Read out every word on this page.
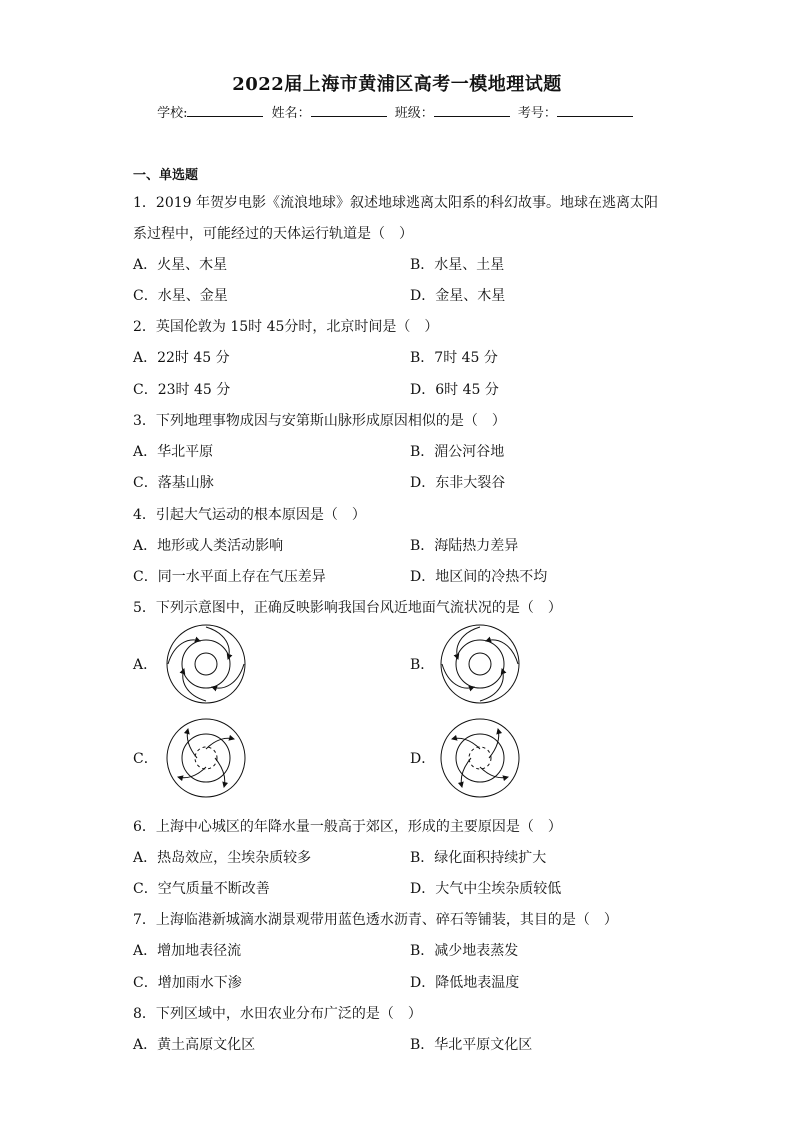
2022届上海市黄浦区高考一模地理试题
学校:	姓名：	班级：	考号：
一、单选题
1．2019 年贺岁电影《流浪地球》叙述地球逃离太阳系的科幻故事。地球在逃离太阳
系过程中，可能经过的天体运行轨道是（　）
A．火星、木星	B．水星、土星
C．水星、金星	D．金星、木星
2．英国伦敦为 15时 45分时，北京时间是（　）
A．22时 45 分	B．7时 45 分
C．23时 45 分	D．6时 45 分
3．下列地理事物成因与安第斯山脉形成原因相似的是（　）
A．华北平原	B．湄公河谷地
C．落基山脉	D．东非大裂谷
4．引起大气运动的根本原因是（　）
A．地形或人类活动影响	B．海陆热力差异
C．同一水平面上存在气压差异	D．地区间的冷热不均
5．下列示意图中，正确反映影响我国台风近地面气流状况的是（　）
A．	B．
C．	D．
6．上海中心城区的年降水量一般高于郊区，形成的主要原因是（　）
A．热岛效应，尘埃杂质较多	B．绿化面积持续扩大
C．空气质量不断改善	D．大气中尘埃杂质较低
7．上海临港新城滴水湖景观带用蓝色透水沥青、碎石等铺装，其目的是（　）
A．增加地表径流	B．减少地表蒸发
C．增加雨水下渗	D．降低地表温度
8．下列区域中，水田农业分布广泛的是（　）
A．黄土高原文化区	B．华北平原文化区
